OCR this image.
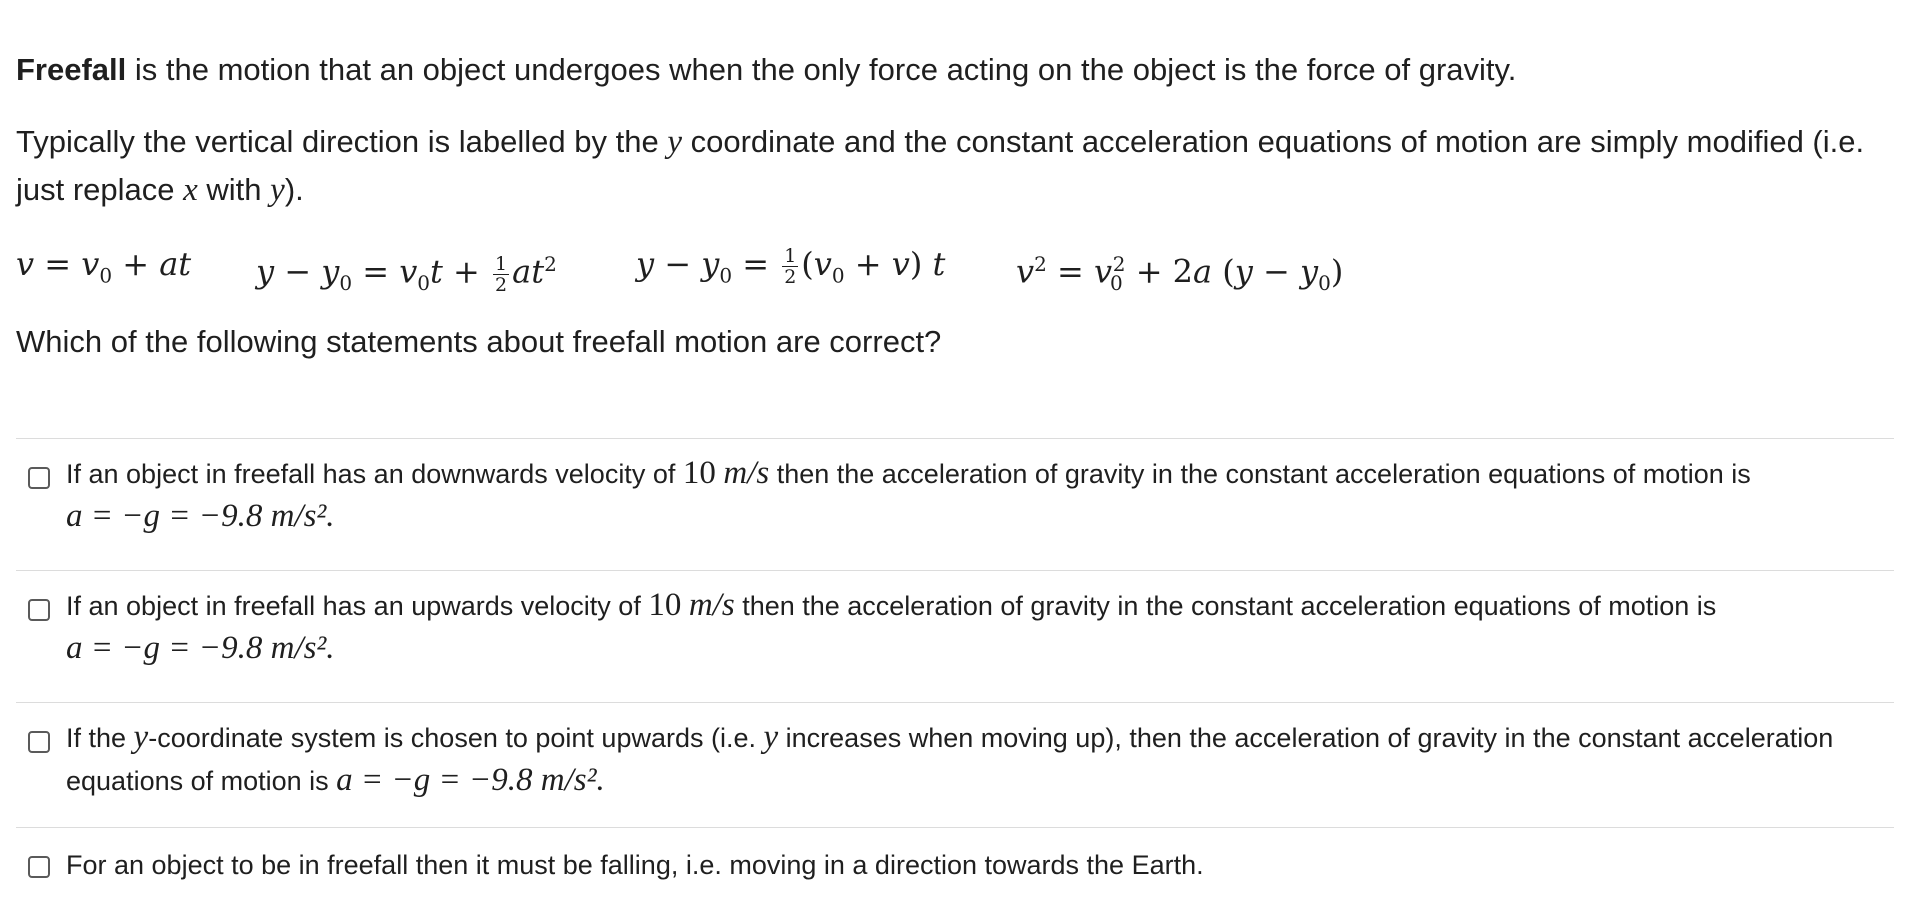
Freefall is the motion that an object undergoes when the only force acting on the object is the force of gravity.

Typically the vertical direction is labelled by the y coordinate and the constant acceleration equations of motion are simply modified (i.e. just replace x with y).

$v = v_0$ + at $y - y_0 = v_0t + \frac{1}{2} at^2$ $y - y_0 = \frac{1}{2} (v_0 + v)$ t $v^2 = v_0^2 + 2a$ $(y - y_0)$

Which of the following statements about freefall motion are correct?

If an object in freefall has an downwards velocity of 10 m/s then the acceleration of gravity in the constant acceleration equations of motion is
a = −g = −9.8 m/s².
If an object in freefall has an upwards velocity of 10 m/s then the acceleration of gravity in the constant acceleration equations of motion is
a = −g = −9.8 m/s².
If the y-coordinate system is chosen to point upwards (i.e. y increases when moving up), then the acceleration of gravity in the constant acceleration equations of motion is a = −g = −9.8 m/s².
For an object to be in freefall then it must be falling, i.e. moving in a direction towards the Earth.
